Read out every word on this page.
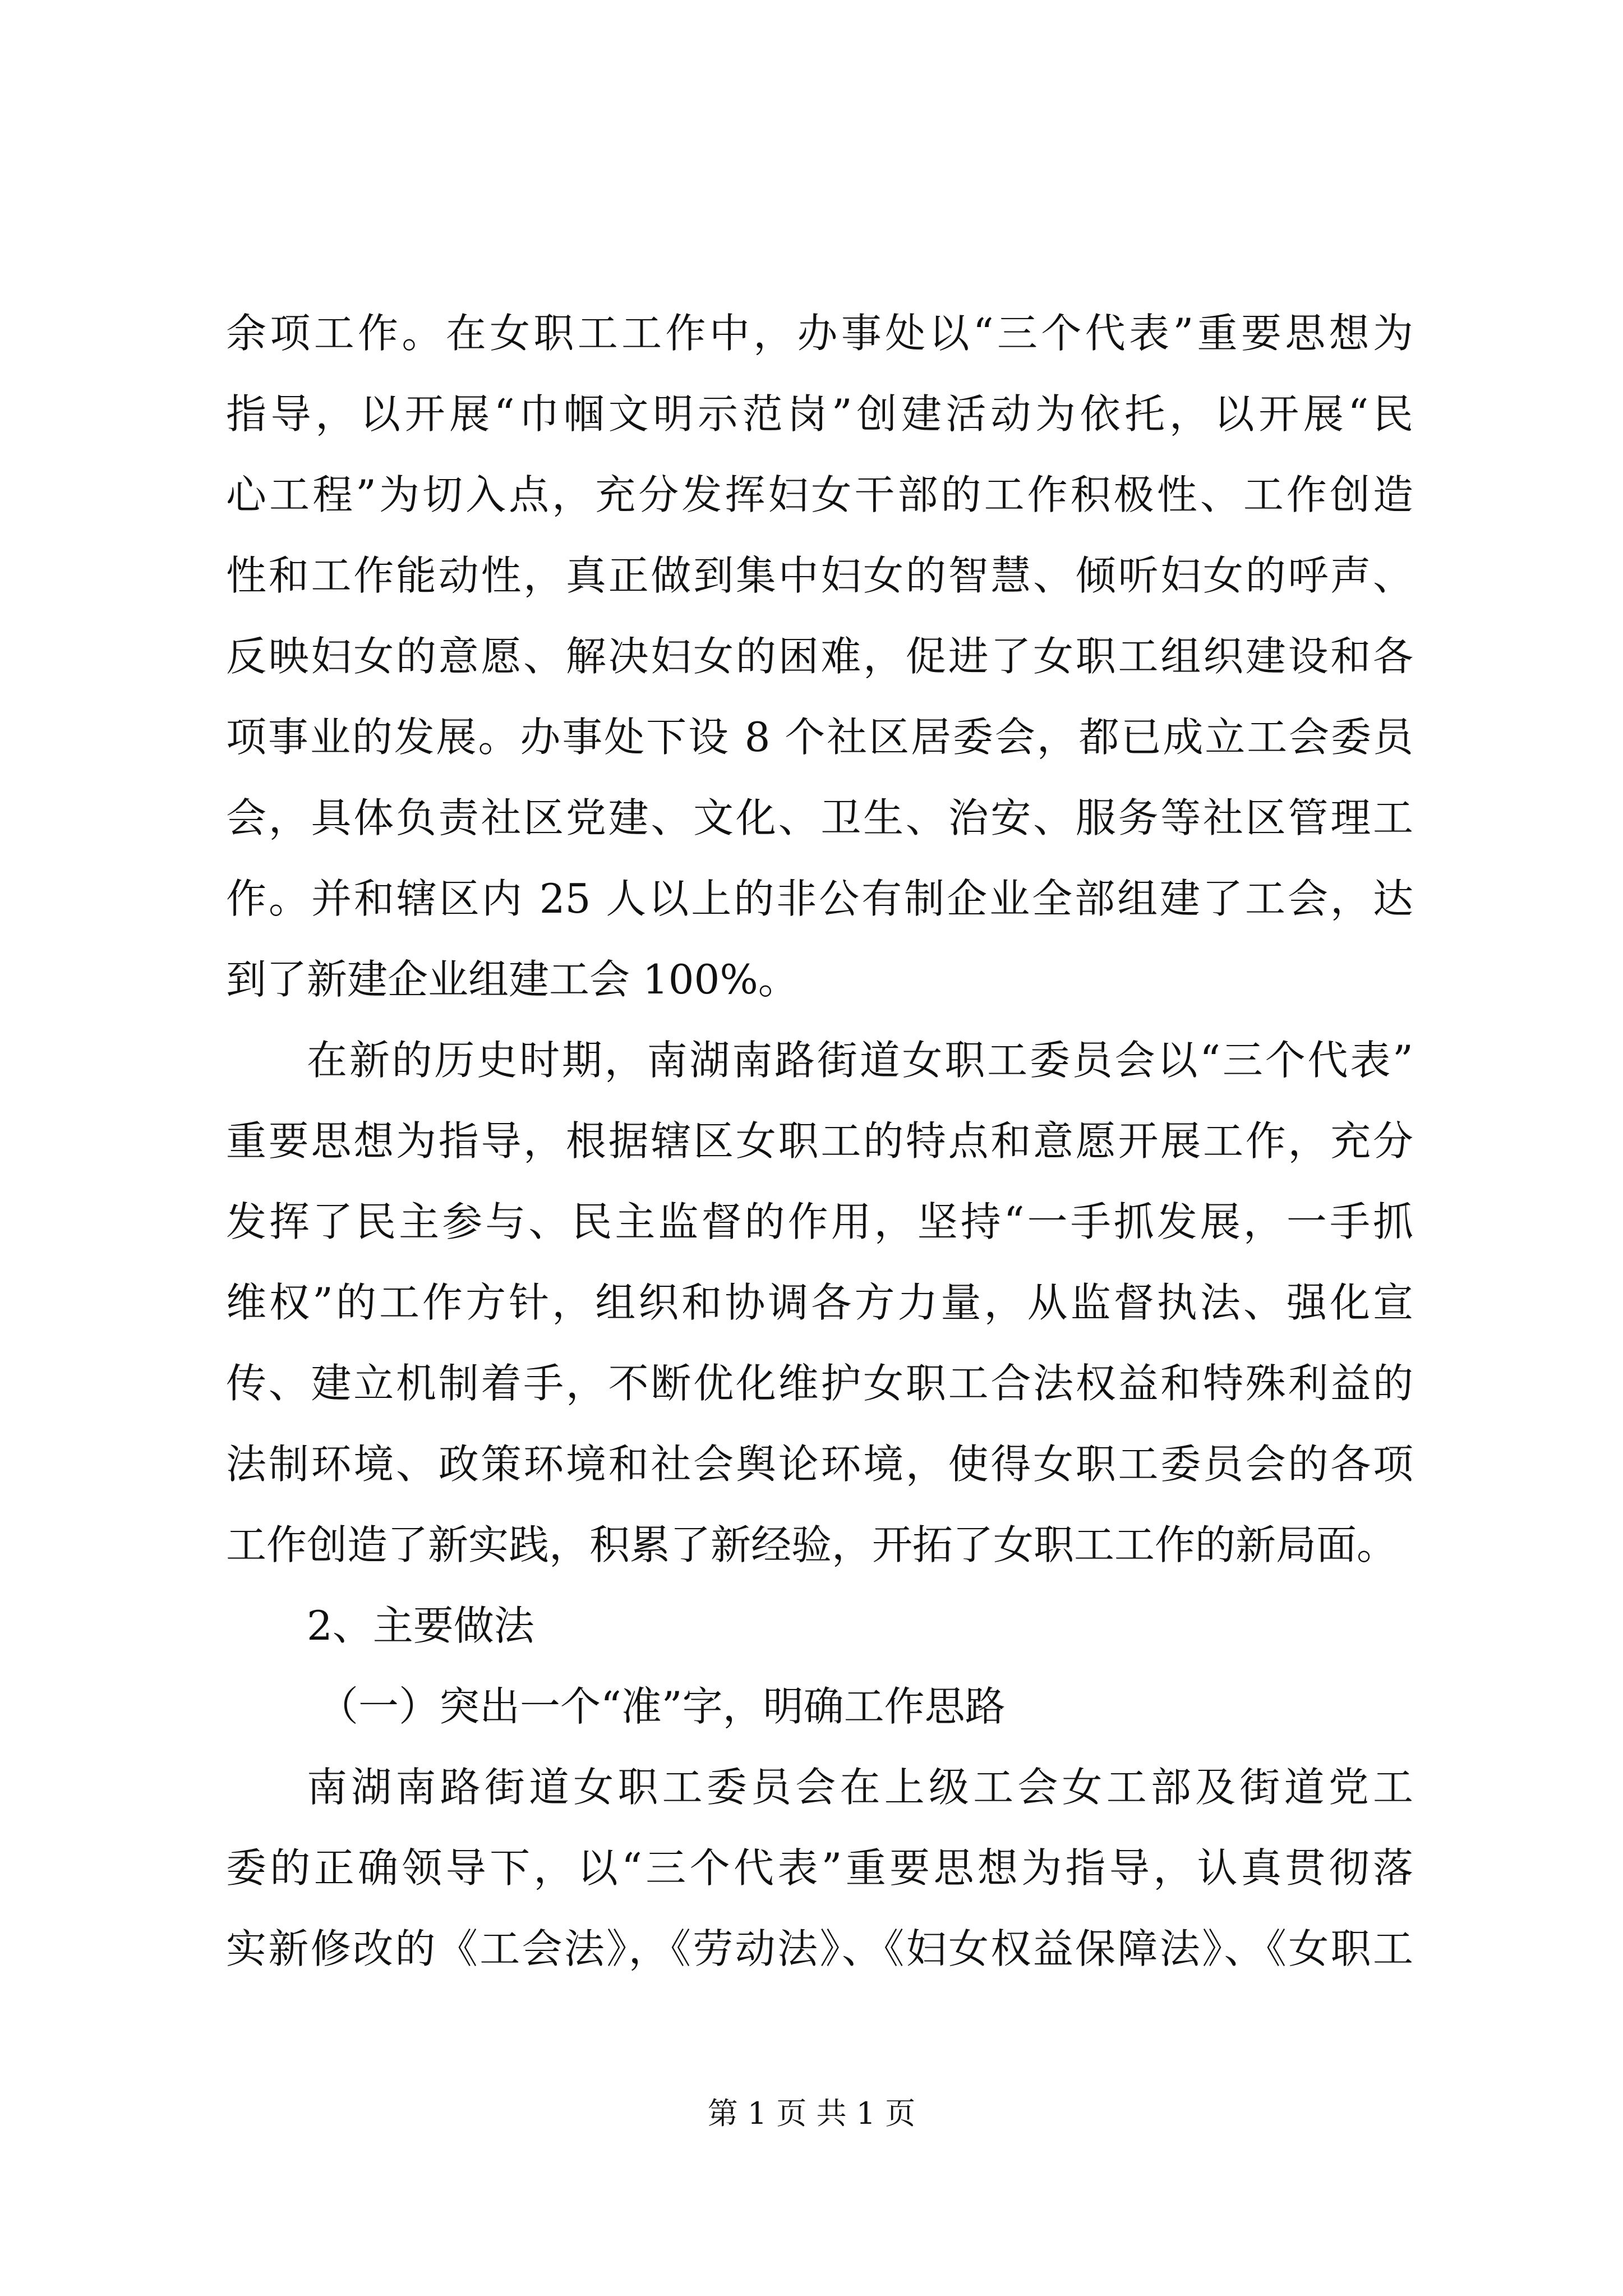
余项工作。在女职工工作中，办事处以“三个代表”重要思想为
指导，以开展“巾帼文明示范岗”创建活动为依托，以开展“民
心工程”为切入点，充分发挥妇女干部的工作积极性、工作创造
性和工作能动性，真正做到集中妇女的智慧、倾听妇女的呼声、
反映妇女的意愿、解决妇女的困难，促进了女职工组织建设和各
项事业的发展。办事处下设 8 个社区居委会，都已成立工会委员
会，具体负责社区党建、文化、卫生、治安、服务等社区管理工
作。并和辖区内 25 人以上的非公有制企业全部组建了工会，达
到了新建企业组建工会 100%。
在新的历史时期，南湖南路街道女职工委员会以“三个代表”
重要思想为指导，根据辖区女职工的特点和意愿开展工作，充分
发挥了民主参与、民主监督的作用，坚持“一手抓发展，一手抓
维权”的工作方针，组织和协调各方力量，从监督执法、强化宣
传、建立机制着手，不断优化维护女职工合法权益和特殊利益的
法制环境、政策环境和社会舆论环境，使得女职工委员会的各项
工作创造了新实践，积累了新经验，开拓了女职工工作的新局面。
2、主要做法
（一）突出一个“准”字，明确工作思路
南湖南路街道女职工委员会在上级工会女工部及街道党工
委的正确领导下，以“三个代表”重要思想为指导，认真贯彻落
实新修改的《工会法》，《劳动法》、《妇女权益保障法》、《女职工
第 1 页 共 1 页
